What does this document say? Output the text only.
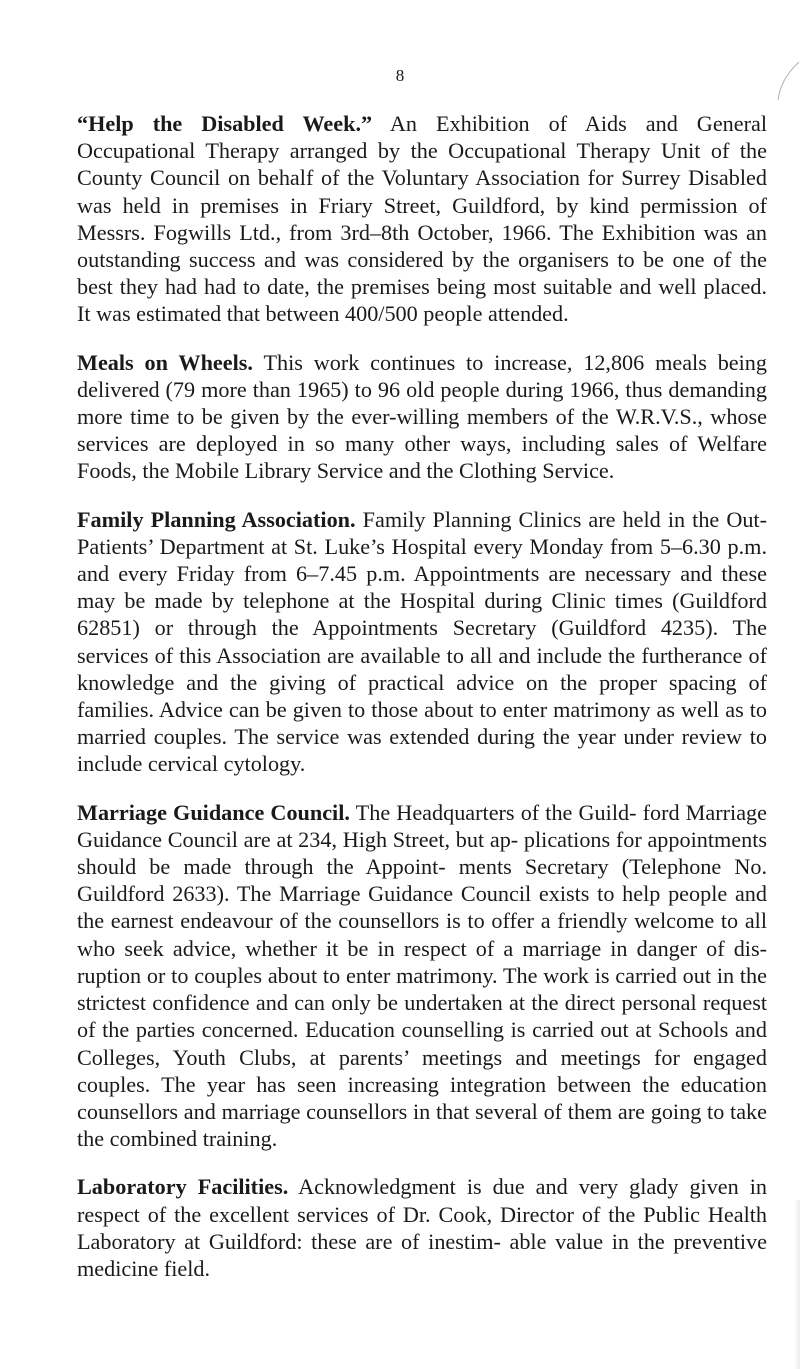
8

“Help the Disabled Week.” An Exhibition of Aids and General Occupational Therapy arranged by the Occupational Therapy Unit of the County Council on behalf of the Voluntary Association for Surrey Disabled was held in premises in Friary Street, Guildford, by kind permission of Messrs. Fogwills Ltd., from 3rd–8th October, 1966. The Exhibition was an outstanding success and was considered by the organisers to be one of the best they had had to date, the premises being most suitable and well placed. It was estimated that between 400/500 people attended.

Meals on Wheels. This work continues to increase, 12,806 meals being delivered (79 more than 1965) to 96 old people during 1966, thus demanding more time to be given by the ever-willing members of the W.R.V.S., whose services are deployed in so many other ways, including sales of Welfare Foods, the Mobile Library Service and the Clothing Service.

Family Planning Association. Family Planning Clinics are held in the Out-Patients’ Department at St. Luke’s Hospital every Monday from 5–6.30 p.m. and every Friday from 6–7.45 p.m. Appointments are necessary and these may be made by telephone at the Hospital during Clinic times (Guildford 62851) or through the Appointments Secretary (Guildford 4235). The services of this Association are available to all and include the furtherance of knowledge and the giving of practical advice on the proper spacing of families. Advice can be given to those about to enter matrimony as well as to married couples. The service was extended during the year under review to include cervical cytology.

Marriage Guidance Council. The Headquarters of the Guild- ford Marriage Guidance Council are at 234, High Street, but ap- plications for appointments should be made through the Appoint- ments Secretary (Telephone No. Guildford 2633). The Marriage Guidance Council exists to help people and the earnest endeavour of the counsellors is to offer a friendly welcome to all who seek advice, whether it be in respect of a marriage in danger of dis- ruption or to couples about to enter matrimony. The work is carried out in the strictest confidence and can only be undertaken at the direct personal request of the parties concerned. Education counselling is carried out at Schools and Colleges, Youth Clubs, at parents’ meetings and meetings for engaged couples. The year has seen increasing integration between the education counsellors and marriage counsellors in that several of them are going to take the combined training.

Laboratory Facilities. Acknowledgment is due and very glady given in respect of the excellent services of Dr. Cook, Director of the Public Health Laboratory at Guildford: these are of inestim- able value in the preventive medicine field.
